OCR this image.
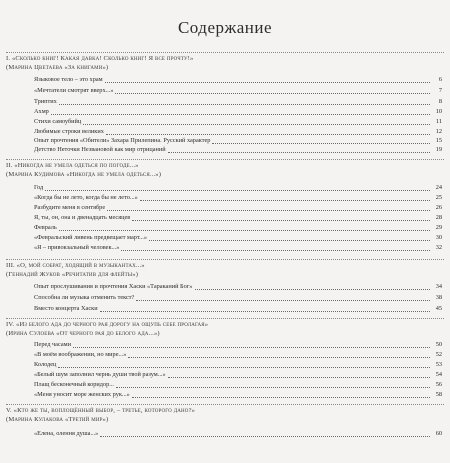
Содержание
I. «Сколько книг! Какая давка! Сколько книг! Я все прочту!»
(Марина Цветаева «За книгами»)
Языковое тело – это храм	6
«Мечтатели смотрят вверх...»	7
Триптих	8
Ахмр	10
Стихи самоубийц	11
Любимые строки великих	12
Опыт прочтения «Обители» Захара Прилепина. Русский характер	15
Детство Неточки Незвановой как мир отрицаний	19
II. «Никогда не умела одеться по погоде...»
(Марина Кудимова «Никогда не умела одеться...»)
Год	24
«Когда бы не лето, когда бы не лето...»	25
Разбудите меня в сентябре	26
Я, ты, он, она и двенадцать месяцев	28
Февраль	29
«Февральский ливень предвещает март...»	30
«Я – привокзальный человек...»	32
III. «О, мой собрат, ходящий в музыкантах...»
(Геннадий Жуков «Речитатив для флейты»)
Опыт прослушивания и прочтения Хаски «Тараканий Бог»	34
Способна ли музыка отменить текст?	38
Вместо концерта Хаски	45
IV. «Из белого ада до черного рая дорогу на ощупь себе пролагая»
(Ирина Сулоева «От черного рая до белого ада...»)
Перед часами	50
«В моём воображении, но мире...»	52
Колодец	53
«Белый шум заполнил чернь души твой разум...»	54
Плащ бесконечный коридор...	56
«Меня уносит море женских рук...»	58
V. «Кто же ты, воплощённый выбор, – третье, которого дано?»
(Марина Кулакова «Третий мир»)
«Елена, олення душа...»	60
